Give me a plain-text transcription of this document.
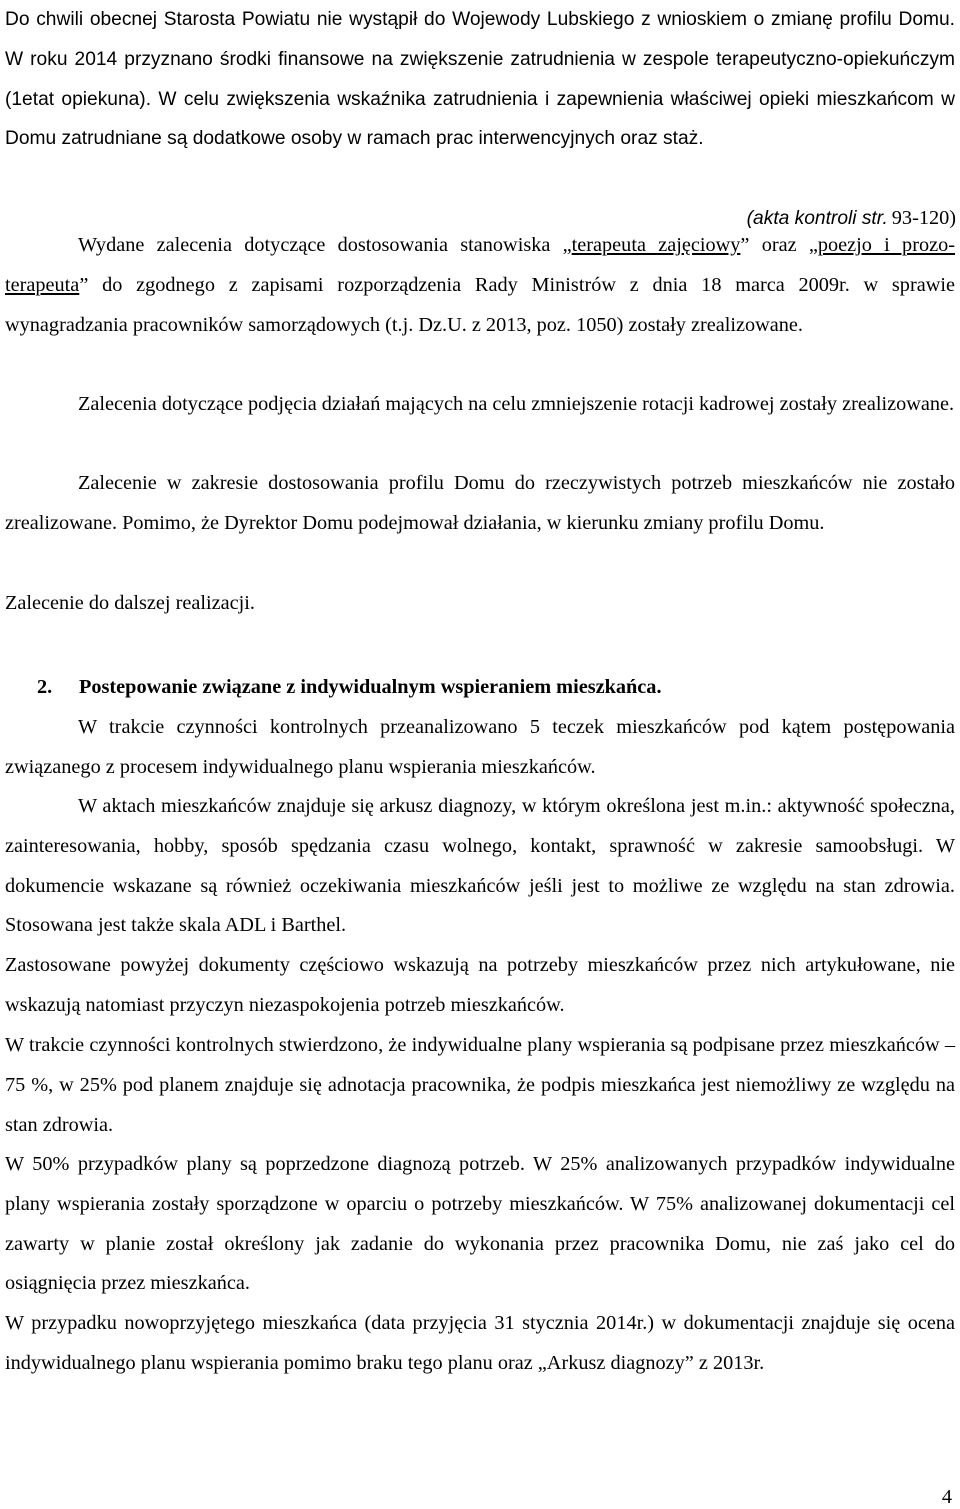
Do chwili obecnej Starosta Powiatu nie wystąpił do Wojewody Lubskiego z wnioskiem o zmianę profilu Domu. W roku 2014 przyznano środki finansowe na zwiększenie zatrudnienia w zespole terapeutyczno-opiekuńczym (1etat opiekuna). W celu zwiększenia wskaźnika zatrudnienia i zapewnienia właściwej opieki mieszkańcom w Domu zatrudniane są dodatkowe osoby w ramach prac interwencyjnych oraz staż.

(akta kontroli str. 93-120)

Wydane zalecenia dotyczące dostosowania stanowiska „terapeuta zajęciowy” oraz „poezjo i prozo-terapeuta” do zgodnego z zapisami rozporządzenia Rady Ministrów z dnia 18 marca 2009r. w sprawie wynagradzania pracowników samorządowych (t.j. Dz.U. z 2013, poz. 1050) zostały zrealizowane.

Zalecenia dotyczące podjęcia działań mających na celu zmniejszenie rotacji kadrowej zostały zrealizowane.

Zalecenie w zakresie dostosowania profilu Domu do rzeczywistych potrzeb mieszkańców nie zostało zrealizowane. Pomimo, że Dyrektor Domu podejmował działania, w kierunku zmiany profilu Domu.

Zalecenie do dalszej realizacji.

2. Postepowanie związane z indywidualnym wspieraniem mieszkańca.

W trakcie czynności kontrolnych przeanalizowano 5 teczek mieszkańców pod kątem postępowania związanego z procesem indywidualnego planu wspierania mieszkańców.

W aktach mieszkańców znajduje się arkusz diagnozy, w którym określona jest m.in.: aktywność społeczna, zainteresowania, hobby, sposób spędzania czasu wolnego, kontakt, sprawność w zakresie samoobsługi. W dokumencie wskazane są również oczekiwania mieszkańców jeśli jest to możliwe ze względu na stan zdrowia. Stosowana jest także skala ADL i Barthel.

Zastosowane powyżej dokumenty częściowo wskazują na potrzeby mieszkańców przez nich artykułowane, nie wskazują natomiast przyczyn niezaspokojenia potrzeb mieszkańców.

W trakcie czynności kontrolnych stwierdzono, że indywidualne plany wspierania są podpisane przez mieszkańców – 75 %, w 25% pod planem znajduje się adnotacja pracownika, że podpis mieszkańca jest niemożliwy ze względu na stan zdrowia.

W 50% przypadków plany są poprzedzone diagnozą potrzeb. W 25% analizowanych przypadków indywidualne plany wspierania zostały sporządzone w oparciu o potrzeby mieszkańców. W 75% analizowanej dokumentacji cel zawarty w planie został określony jak zadanie do wykonania przez pracownika Domu, nie zaś jako cel do osiągnięcia przez mieszkańca.

W przypadku nowoprzyjętego mieszkańca (data przyjęcia 31 stycznia 2014r.) w dokumentacji znajduje się ocena indywidualnego planu wspierania pomimo braku tego planu oraz „Arkusz diagnozy” z 2013r.

4
